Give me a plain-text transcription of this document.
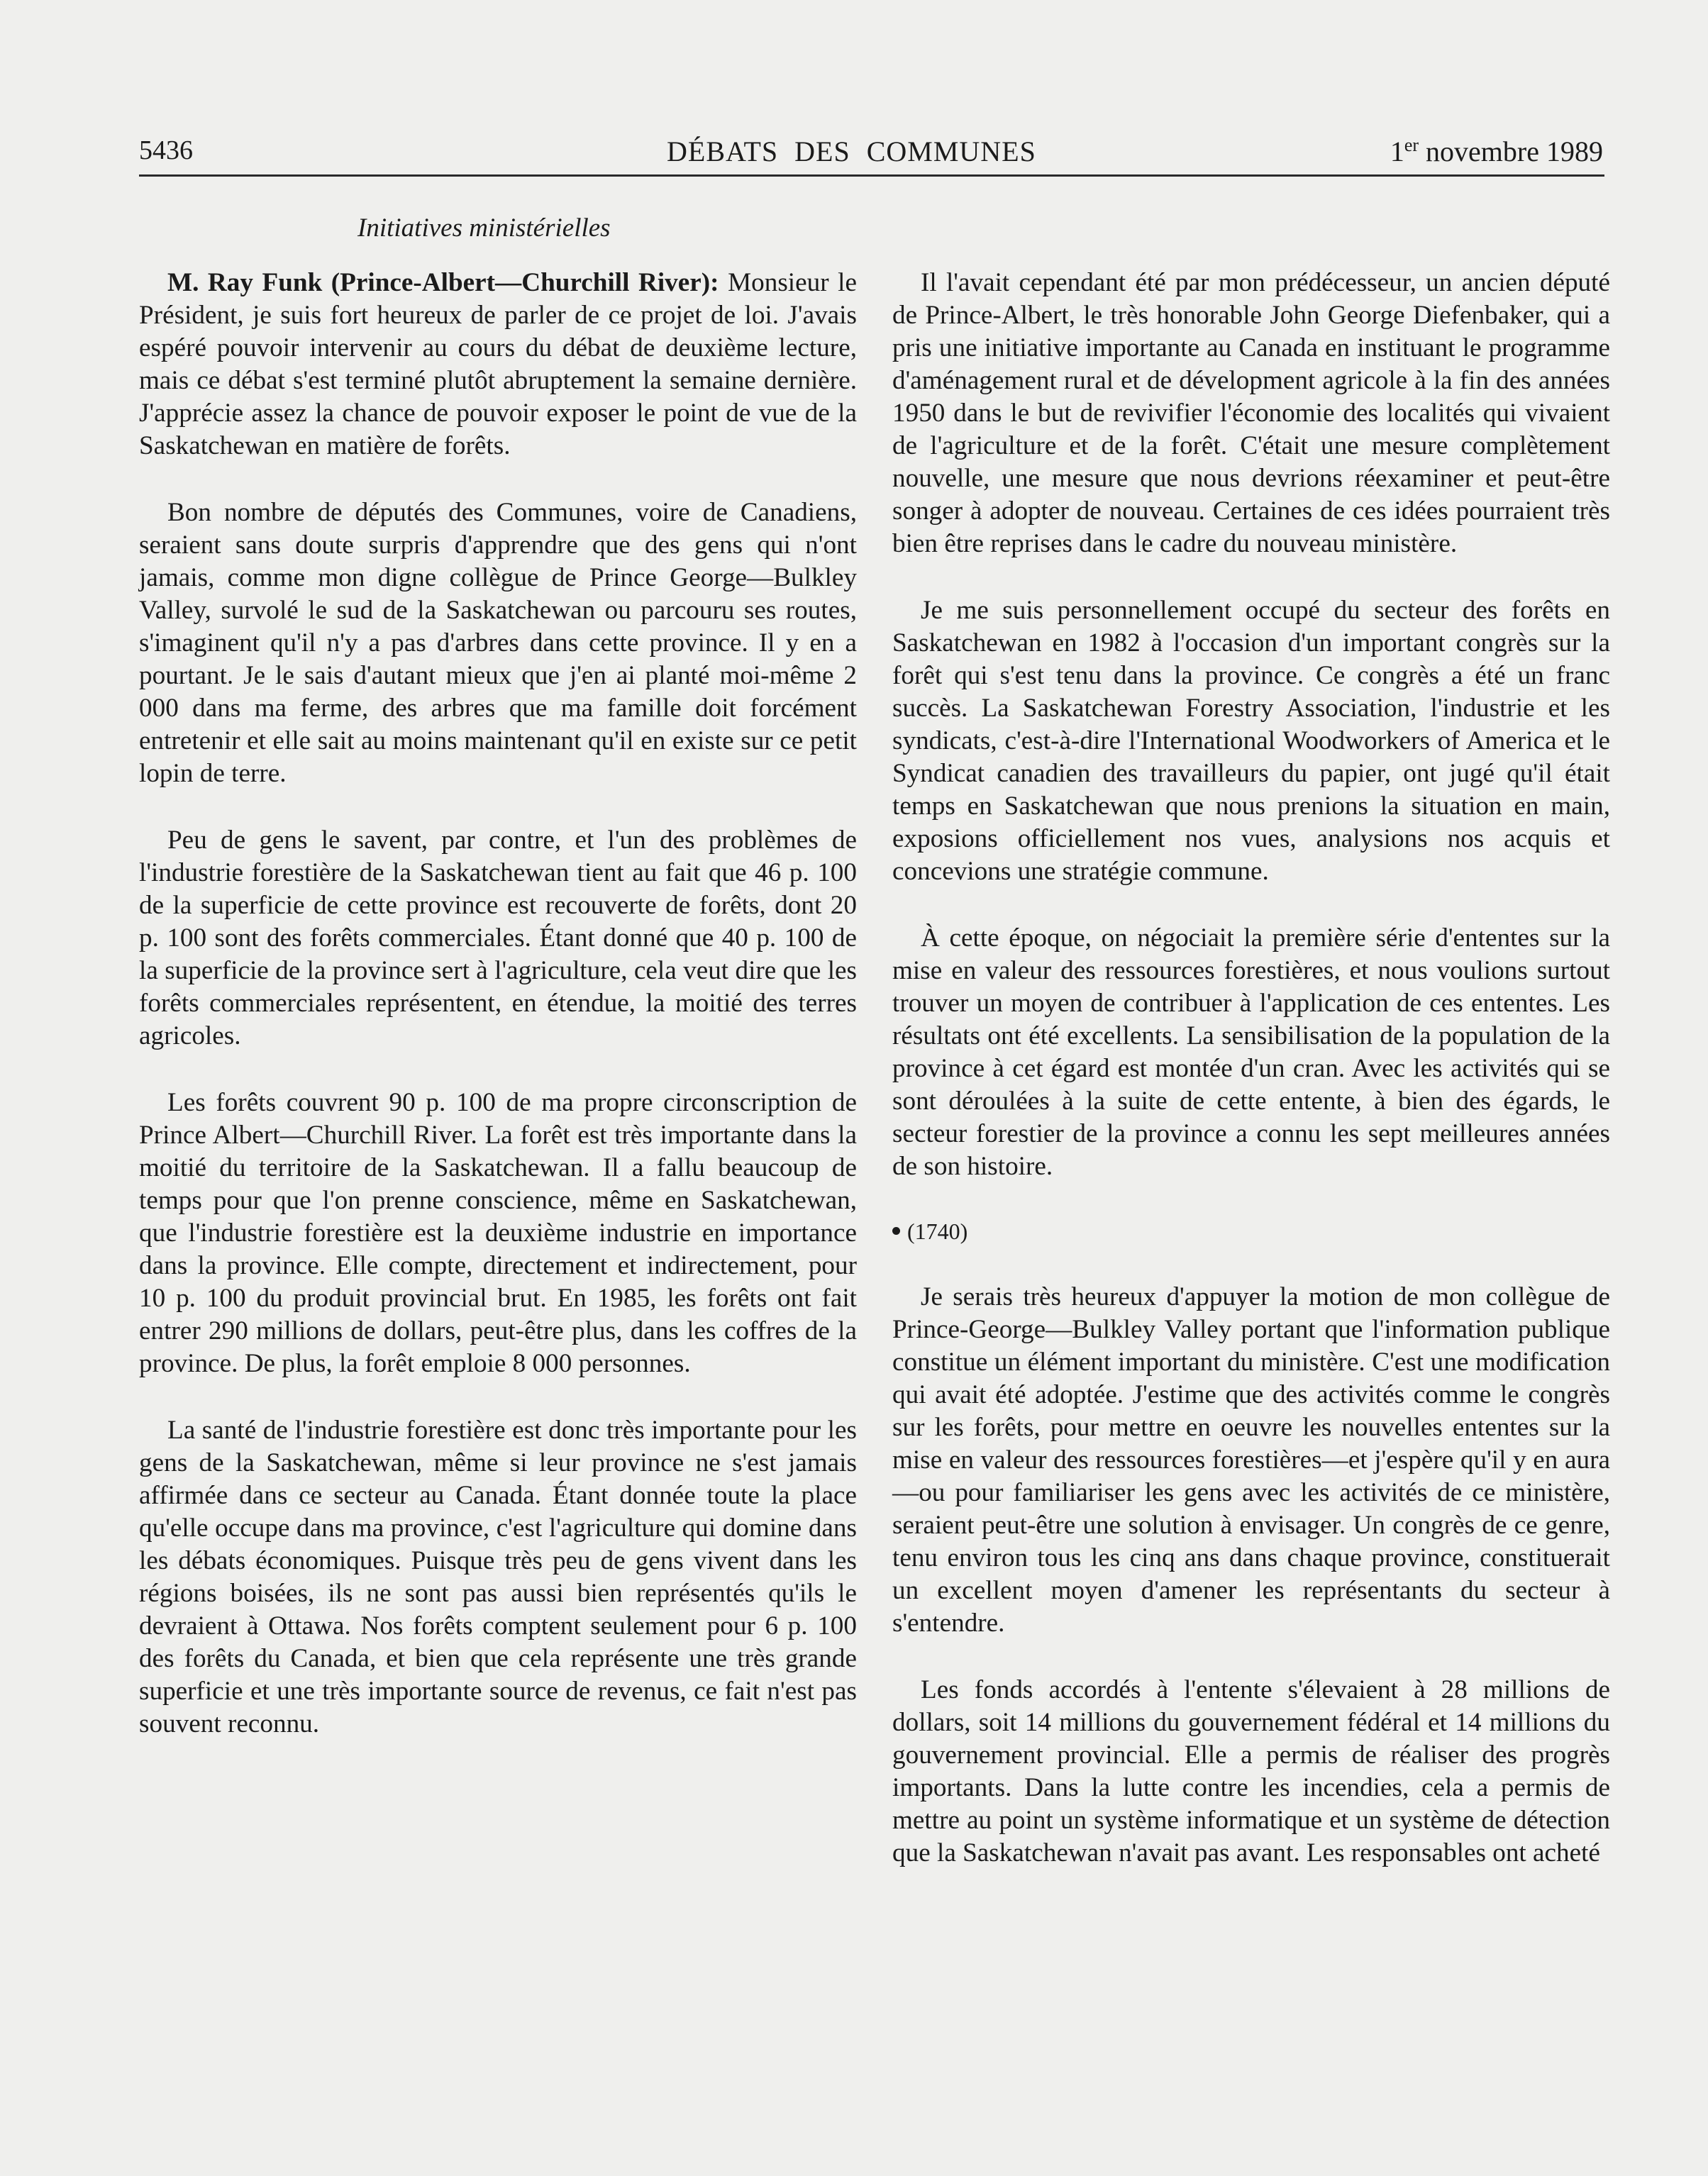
5436	DÉBATS DES COMMUNES	1er novembre 1989
Initiatives ministérielles

M. Ray Funk (Prince-Albert—Churchill River): Monsieur le Président, je suis fort heureux de parler de ce projet de loi. J'avais espéré pouvoir intervenir au cours du débat de deuxième lecture, mais ce débat s'est terminé plutôt abruptement la semaine dernière. J'apprécie assez la chance de pouvoir exposer le point de vue de la Saskatchewan en matière de forêts.

Bon nombre de députés des Communes, voire de Canadiens, seraient sans doute surpris d'apprendre que des gens qui n'ont jamais, comme mon digne collègue de Prince George—Bulkley Valley, survolé le sud de la Saskatchewan ou parcouru ses routes, s'imaginent qu'il n'y a pas d'arbres dans cette province. Il y en a pourtant. Je le sais d'autant mieux que j'en ai planté moi-même 2 000 dans ma ferme, des arbres que ma famille doit forcément entretenir et elle sait au moins maintenant qu'il en existe sur ce petit lopin de terre.

Peu de gens le savent, par contre, et l'un des problèmes de l'industrie forestière de la Saskatchewan tient au fait que 46 p. 100 de la superficie de cette province est recouverte de forêts, dont 20 p. 100 sont des forêts commerciales. Étant donné que 40 p. 100 de la superficie de la province sert à l'agriculture, cela veut dire que les forêts commerciales représentent, en étendue, la moitié des terres agricoles.

Les forêts couvrent 90 p. 100 de ma propre circonscription de Prince Albert—Churchill River. La forêt est très importante dans la moitié du territoire de la Saskatchewan. Il a fallu beaucoup de temps pour que l'on prenne conscience, même en Saskatchewan, que l'industrie forestière est la deuxième industrie en importance dans la province. Elle compte, directement et indirectement, pour 10 p. 100 du produit provincial brut. En 1985, les forêts ont fait entrer 290 millions de dollars, peut-être plus, dans les coffres de la province. De plus, la forêt emploie 8 000 personnes.

La santé de l'industrie forestière est donc très importante pour les gens de la Saskatchewan, même si leur province ne s'est jamais affirmée dans ce secteur au Canada. Étant donnée toute la place qu'elle occupe dans ma province, c'est l'agriculture qui domine dans les débats économiques. Puisque très peu de gens vivent dans les régions boisées, ils ne sont pas aussi bien représentés qu'ils le devraient à Ottawa. Nos forêts comptent seulement pour 6 p. 100 des forêts du Canada, et bien que cela représente une très grande superficie et une très importante source de revenus, ce fait n'est pas souvent reconnu.

Il l'avait cependant été par mon prédécesseur, un ancien député de Prince-Albert, le très honorable John George Diefenbaker, qui a pris une initiative importante au Canada en instituant le programme d'aménagement rural et de dévelopment agricole à la fin des années 1950 dans le but de revivifier l'économie des localités qui vivaient de l'agriculture et de la forêt. C'était une mesure complètement nouvelle, une mesure que nous devrions réexaminer et peut-être songer à adopter de nouveau. Certaines de ces idées pourraient très bien être reprises dans le cadre du nouveau ministère.

Je me suis personnellement occupé du secteur des forêts en Saskatchewan en 1982 à l'occasion d'un important congrès sur la forêt qui s'est tenu dans la province. Ce congrès a été un franc succès. La Saskatchewan Forestry Association, l'industrie et les syndicats, c'est-à-dire l'International Woodworkers of America et le Syndicat canadien des travailleurs du papier, ont jugé qu'il était temps en Saskatchewan que nous prenions la situation en main, exposions officiellement nos vues, analysions nos acquis et concevions une stratégie commune.

À cette époque, on négociait la première série d'ententes sur la mise en valeur des ressources forestières, et nous voulions surtout trouver un moyen de contribuer à l'application de ces ententes. Les résultats ont été excellents. La sensibilisation de la population de la province à cet égard est montée d'un cran. Avec les activités qui se sont déroulées à la suite de cette entente, à bien des égards, le secteur forestier de la province a connu les sept meilleures années de son histoire.

(1740)

Je serais très heureux d'appuyer la motion de mon collègue de Prince-George—Bulkley Valley portant que l'information publique constitue un élément important du ministère. C'est une modification qui avait été adoptée. J'estime que des activités comme le congrès sur les forêts, pour mettre en oeuvre les nouvelles ententes sur la mise en valeur des ressources forestières—et j'espère qu'il y en aura—ou pour familiariser les gens avec les activités de ce ministère, seraient peut-être une solution à envisager. Un congrès de ce genre, tenu environ tous les cinq ans dans chaque province, constituerait un excellent moyen d'amener les représentants du secteur à s'entendre.

Les fonds accordés à l'entente s'élevaient à 28 millions de dollars, soit 14 millions du gouvernement fédéral et 14 millions du gouvernement provincial. Elle a permis de réaliser des progrès importants. Dans la lutte contre les incendies, cela a permis de mettre au point un système informatique et un système de détection que la Saskatchewan n'avait pas avant. Les responsables ont acheté
